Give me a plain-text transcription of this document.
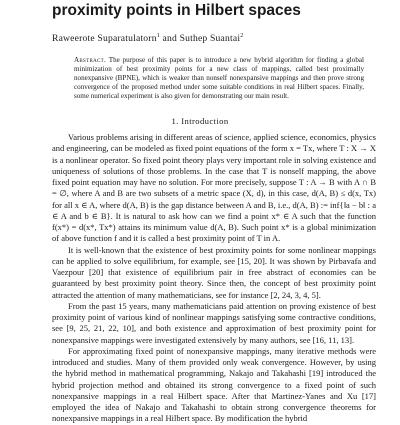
proximity points in Hilbert spaces
Raweerote Suparatulatorn$^1$ and Suthep Suantai$^2$

Abstract. The purpose of this paper is to introduce a new hybrid algorithm for finding a global minimization of best proximity points for a new class of mappings, called best proximally nonexpansive (BPNE), which is weaker than nonself nonexpansive mappings and then prove strong convergence of the proposed method under some suitable conditions in real Hilbert spaces. Finally, some numerical experiment is also given for demonstrating our main result.

1. Introduction

Various problems arising in different areas of science, applied science, economics, physics and engineering, can be modeled as fixed point equations of the form x = Tx, where T : X → X is a nonlinear operator. So fixed point theory plays very important role in solving existence and uniqueness of solutions of those problems. In the case that T is nonself mapping, the above fixed point equation may have no solution. For more precisely, suppose T : A → B with A ∩ B = ∅, where A and B are two subsets of a metric space (X, d), in this case, d(A, B) ≤ d(x, Tx) for all x ∈ A, where d(A, B) is the gap distance between A and B, i.e., d(A, B) := inf{‖a − b‖ : a ∈ A and b ∈ B}. It is natural to ask how can we find a point x* ∈ A such that the function f(x*) = d(x*, Tx*) attains its minimum value d(A, B). Such point x* is a global minimization of above function f and it is called a best proximity point of T in A.

It is well-known that the existence of best proximity points for some nonlinear mappings can be applied to solve equilibrium, for example, see [15, 20]. It was shown by Pirbavafa and Vaezpour [20] that existence of equilibrium pair in free abstract of economies can be guaranteed by best proximity point theory. Since then, the concept of best proximity point attracted the attention of many mathematicians, see for instance [2, 24, 3, 4, 5].

From the past 15 years, many mathematicians paid attention on proving existence of best proximity point of various kind of nonlinear mappings satisfying some contractive conditions, see [9, 25, 21, 22, 10], and both existence and approximation of best proximity point for nonexpansive mappings were investigated extensively by many authors, see [16, 11, 13].

For approximating fixed point of nonexpansive mappings, many iterative methods were introduced and studies. Many of them provided only weak convergence. However, by using the hybrid method in mathematical programming, Nakajo and Takahashi [19] introduced the hybrid projection method and obtained its strong convergence to a fixed point of such nonexpansive mappings in a real Hilbert space. After that Martinez-Yanes and Xu [17] employed the idea of Nakajo and Takahashi to obtain strong convergence theorems for nonexpansive mappings in a real Hilbert space. By modification the hybrid
